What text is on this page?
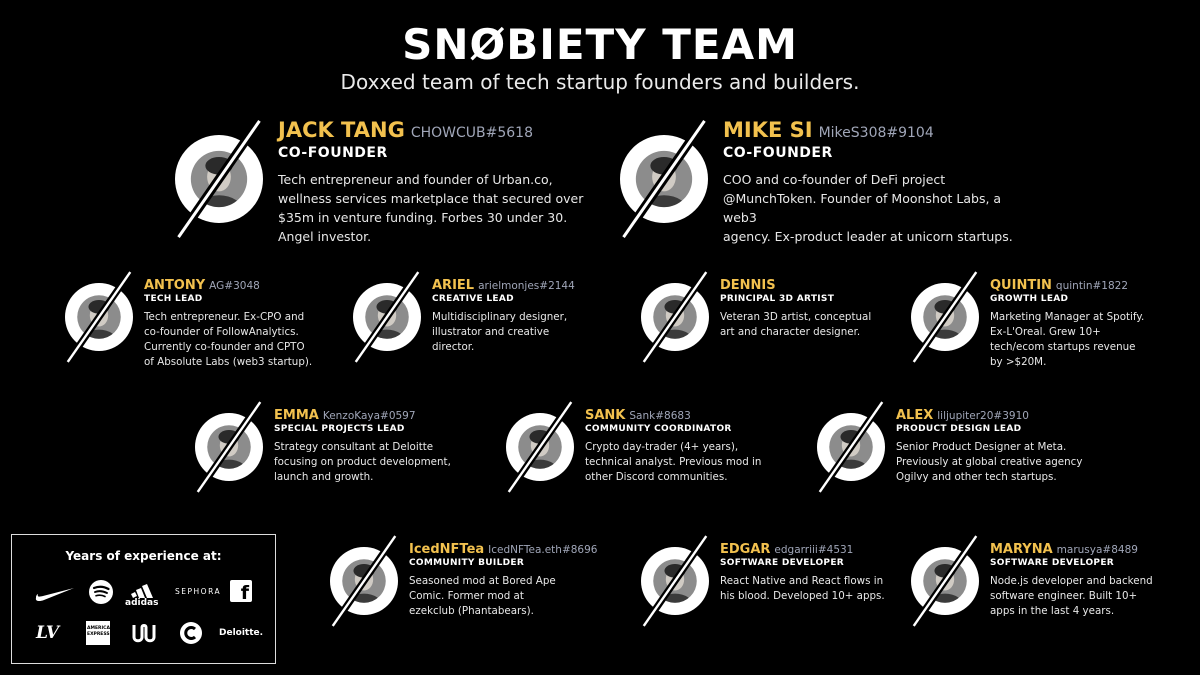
SNØBIETY TEAM
Doxxed team of tech startup founders and builders.
JACK TANG CHOWCUB#5618
CO-FOUNDER
Tech entrepreneur and founder of Urban.co,
wellness services marketplace that secured over
$35m in venture funding. Forbes 30 under 30.
Angel investor.
MIKE SI MikeS308#9104
CO-FOUNDER
COO and co-founder of DeFi project
@MunchToken. Founder of Moonshot Labs, a web3
agency. Ex-product leader at unicorn startups.
ANTONY AG#3048
TECH LEAD
Tech entrepreneur. Ex-CPO and
co-founder of FollowAnalytics.
Currently co-founder and CPTO
of Absolute Labs (web3 startup).
ARIEL arielmonjes#2144
CREATIVE LEAD
Multidisciplinary designer,
illustrator and creative
director.
DENNIS
PRINCIPAL 3D ARTIST
Veteran 3D artist, conceptual
art and character designer.
QUINTIN quintin#1822
GROWTH LEAD
Marketing Manager at Spotify.
Ex-L'Oreal. Grew 10+
tech/ecom startups revenue
by >$20M.
EMMA KenzoKaya#0597
SPECIAL PROJECTS LEAD
Strategy consultant at Deloitte
focusing on product development,
launch and growth.
SANK Sank#8683
COMMUNITY COORDINATOR
Crypto day-trader (4+ years),
technical analyst. Previous mod in
other Discord communities.
ALEX liljupiter20#3910
PRODUCT DESIGN LEAD
Senior Product Designer at Meta.
Previously at global creative agency
Ogilvy and other tech startups.
IcedNFTea IcedNFTea.eth#8696
COMMUNITY BUILDER
Seasoned mod at Bored Ape
Comic. Former mod at
ezekclub (Phantabears).
EDGAR edgarriii#4531
SOFTWARE DEVELOPER
React Native and React flows in
his blood. Developed 10+ apps.
MARYNA marusya#8489
SOFTWARE DEVELOPER
Node.js developer and backend
software engineer. Built 10+
apps in the last 4 years.
Years of experience at:
adidas
SEPHORA f
LV	AMERICAN EXPRESS	Deloitte.
